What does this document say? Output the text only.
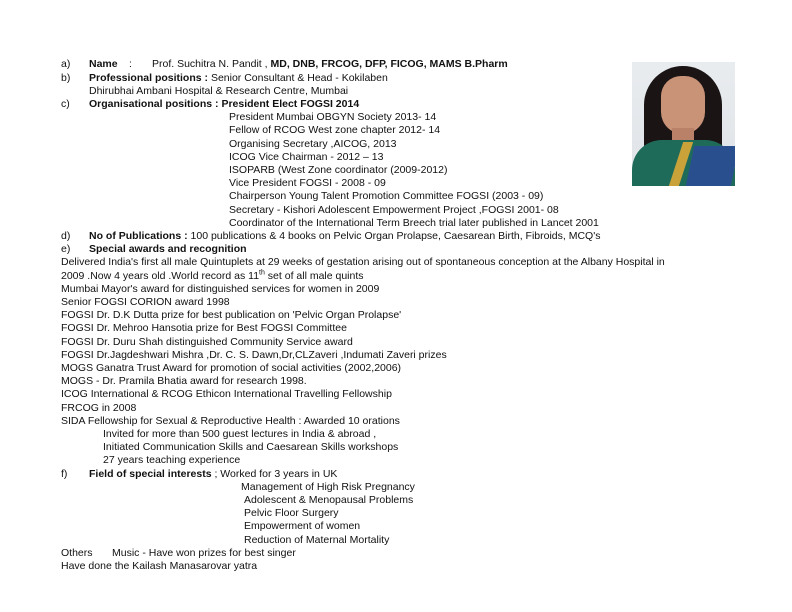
a) Name : Prof. Suchitra N. Pandit , MD, DNB, FRCOG, DFP, FICOG, MAMS B.Pharm
b) Professional positions : Senior Consultant & Head - Kokilaben
Dhirubhai Ambani Hospital & Research Centre, Mumbai
c) Organisational positions : President Elect FOGSI 2014
President Mumbai OBGYN Society 2013- 14
Fellow of RCOG West zone chapter 2012- 14
Organising Secretary ,AICOG, 2013
ICOG Vice Chairman - 2012 – 13
ISOPARB (West Zone coordinator (2009-2012)
Vice President FOGSI - 2008 - 09
Chairperson Young Talent Promotion Committee FOGSI (2003 - 09)
Secretary - Kishori Adolescent Empowerment Project ,FOGSI 2001- 08
Coordinator of the International Term Breech trial later published in Lancet 2001
d) No of Publications : 100 publications & 4 books on Pelvic Organ Prolapse, Caesarean Birth, Fibroids, MCQ's
e) Special awards and recognition
Delivered India's first all male Quintuplets at 29 weeks of gestation arising out of spontaneous conception at the Albany Hospital in
2009 .Now 4 years old .World record as 11th set of all male quints
Mumbai Mayor's award for distinguished services for women in 2009
Senior FOGSI CORION award 1998
FOGSI Dr. D.K Dutta prize for best publication on 'Pelvic Organ Prolapse'
FOGSI Dr. Mehroo Hansotia prize for Best FOGSI Committee
FOGSI Dr. Duru Shah distinguished Community Service award
FOGSI Dr.Jagdeshwari Mishra ,Dr. C. S. Dawn,Dr,CLZaveri ,Indumati Zaveri prizes
MOGS Ganatra Trust Award for promotion of social activities (2002,2006)
MOGS - Dr. Pramila Bhatia award for research 1998.
ICOG International & RCOG Ethicon International Travelling Fellowship
FRCOG in 2008
SIDA Fellowship for Sexual & Reproductive Health : Awarded 10 orations
Invited for more than 500 guest lectures in India & abroad ,
Initiated Communication Skills and Caesarean Skills workshops
27 years teaching experience
f) Field of special interests ; Worked for 3 years in UK
Management of High Risk Pregnancy
Adolescent & Menopausal Problems
Pelvic Floor Surgery
Empowerment of women
Reduction of Maternal Mortality
Others Music - Have won prizes for best singer
Have done the Kailash Manasarovar yatra
